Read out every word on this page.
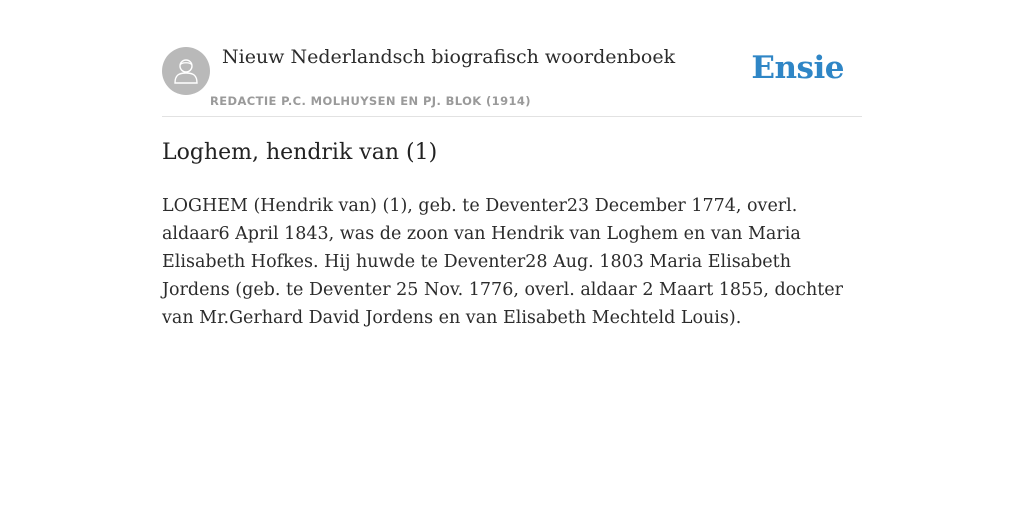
Nieuw Nederlandsch biografisch woordenboek
REDACTIE P.C. MOLHUYSEN EN PJ. BLOK (1914)
Ensie
Loghem, hendrik van (1)

LOGHEM (Hendrik van) (1), geb. te Deventer23 December 1774, overl. aldaar6 April 1843, was de zoon van Hendrik van Loghem en van Maria Elisabeth Hofkes. Hij huwde te Deventer28 Aug. 1803 Maria Elisabeth Jordens (geb. te Deventer 25 Nov. 1776, overl. aldaar 2 Maart 1855, dochter van Mr.Gerhard David Jordens en van Elisabeth Mechteld Louis).
